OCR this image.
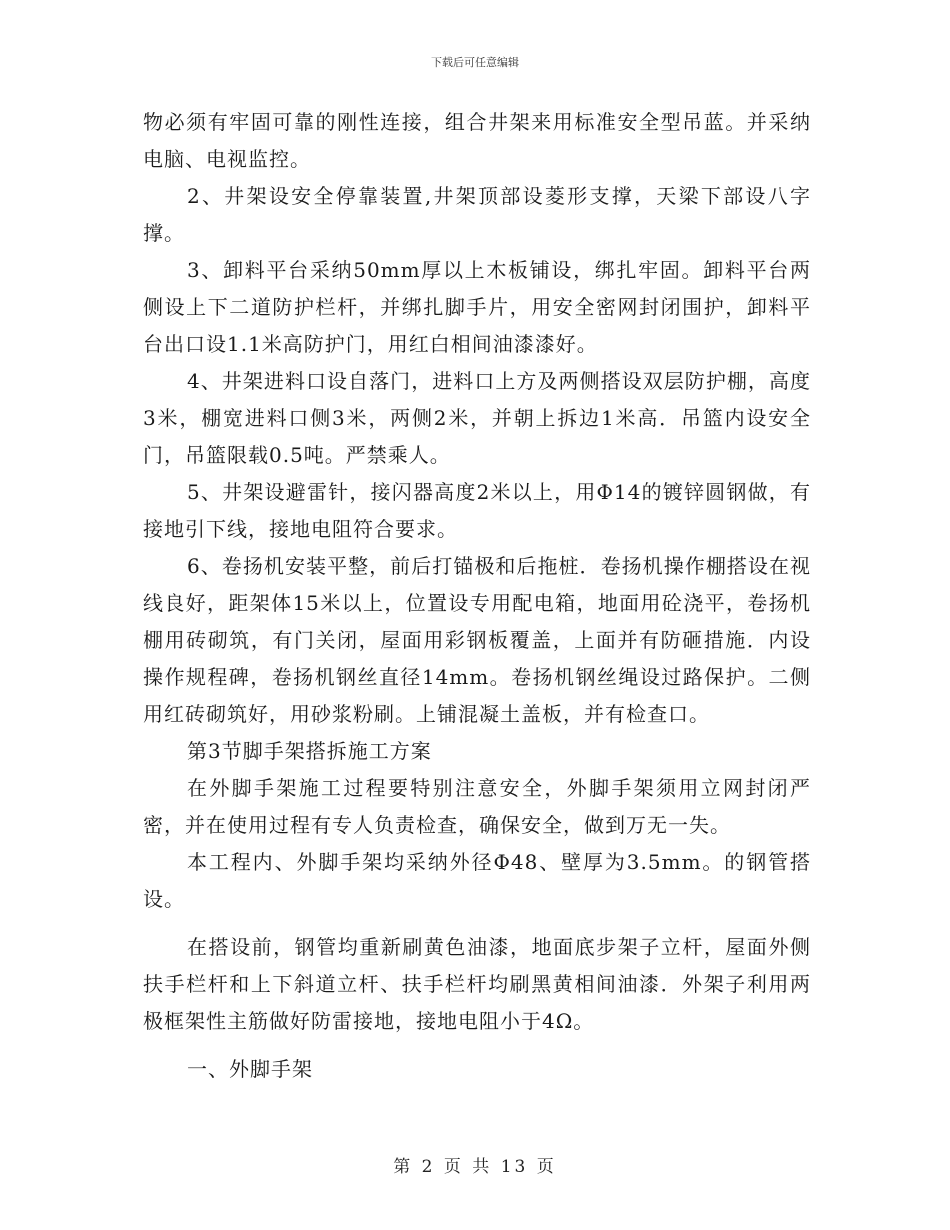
下载后可任意编辑

物必须有牢固可靠的刚性连接，组合井架来用标准安全型吊蓝。并采纳电脑、电视监控。

2、井架设安全停靠装置,井架顶部设菱形支撑，天梁下部设八字撑。

3、卸料平台采纳50mm厚以上木板铺设，绑扎牢固。卸料平台两侧设上下二道防护栏杆，并绑扎脚手片，用安全密网封闭围护，卸料平台出口设1.1米高防护门，用红白相间油漆漆好。

4、井架进料口设自落门，进料口上方及两侧搭设双层防护棚，高度3米，棚宽进料口侧3米，两侧2米，并朝上拆边1米高．吊篮内设安全门，吊篮限载0.5吨。严禁乘人。

5、井架设避雷针，接闪器高度2米以上，用Φ14的镀锌圆钢做，有接地引下线，接地电阻符合要求。

6、卷扬机安装平整，前后打锚极和后拖桩．卷扬机操作棚搭设在视线良好，距架体15米以上，位置设专用配电箱，地面用砼浇平，卷扬机棚用砖砌筑，有门关闭，屋面用彩钢板覆盖，上面并有防砸措施．内设操作规程碑，卷扬机钢丝直径14mm。卷扬机钢丝绳设过路保护。二侧用红砖砌筑好，用砂浆粉刷。上铺混凝土盖板，并有检查口。

第3节脚手架搭拆施工方案

在外脚手架施工过程要特别注意安全，外脚手架须用立网封闭严密，并在使用过程有专人负责检查，确保安全，做到万无一失。

本工程内、外脚手架均采纳外径Φ48、壁厚为3.5mm。的钢管搭设。

在搭设前，钢管均重新刷黄色油漆，地面底步架子立杆，屋面外侧扶手栏杆和上下斜道立杆、扶手栏杆均刷黑黄相间油漆．外架子利用两极框架性主筋做好防雷接地，接地电阻小于4Ω。

一、外脚手架

第 2 页 共 13 页
